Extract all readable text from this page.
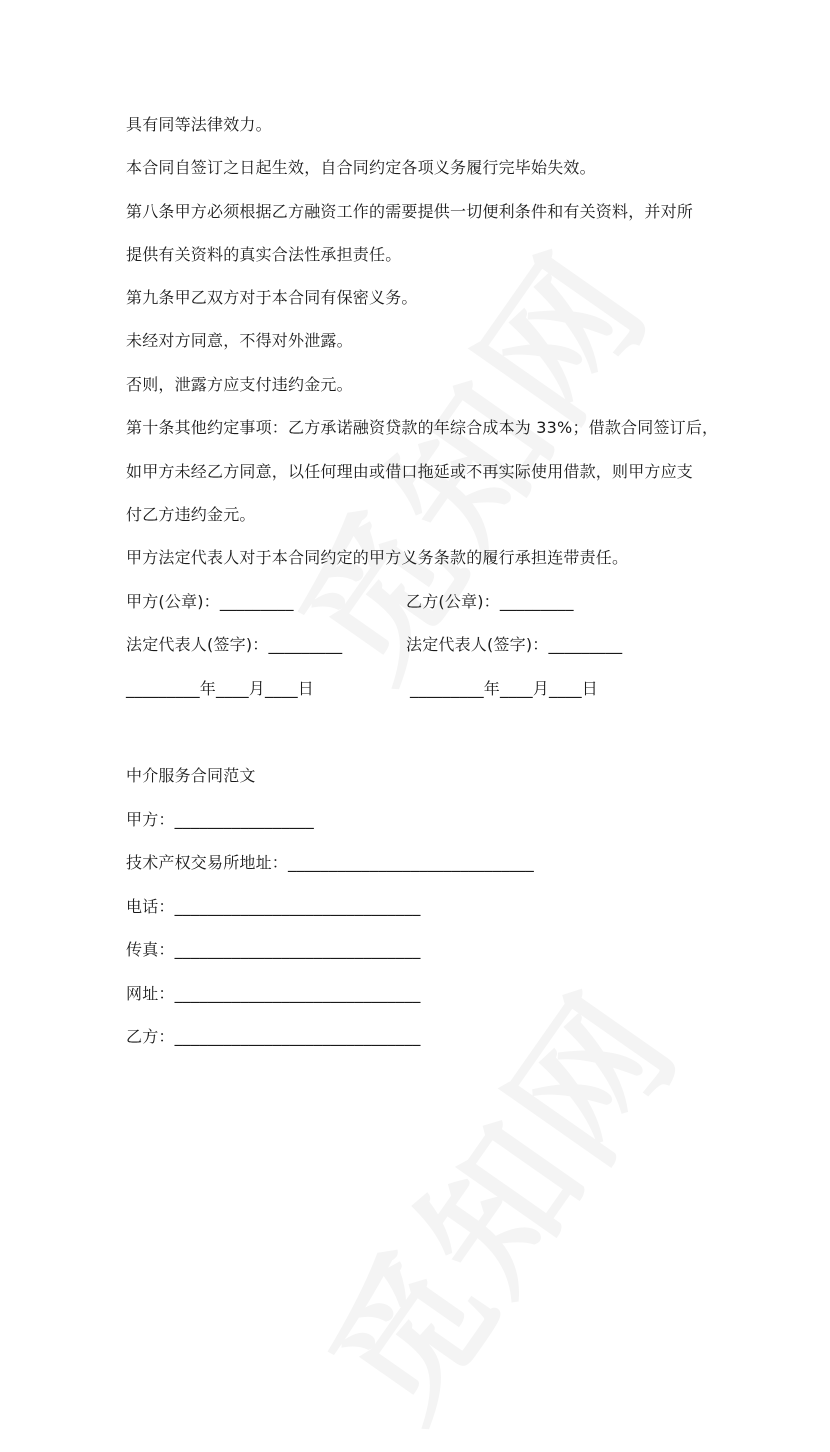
具有同等法律效力。
本合同自签订之日起生效，自合同约定各项义务履行完毕始失效。
第八条甲方必须根据乙方融资工作的需要提供一切便利条件和有关资料，并对所
提供有关资料的真实合法性承担责任。
第九条甲乙双方对于本合同有保密义务。
未经对方同意，不得对外泄露。
否则，泄露方应支付违约金元。
第十条其他约定事项：乙方承诺融资贷款的年综合成本为 33%；借款合同签订后，
如甲方未经乙方同意，以任何理由或借口拖延或不再实际使用借款，则甲方应支
付乙方违约金元。
甲方法定代表人对于本合同约定的甲方义务条款的履行承担连带责任。
甲方(公章)：_________	乙方(公章)：_________
法定代表人(签字)：_________	法定代表人(签字)：_________
_________年____月____日	_________年____月____日
中介服务合同范文
甲方：_________________
技术产权交易所地址：______________________________
电话：______________________________
传真：______________________________
网址：______________________________
乙方：______________________________
